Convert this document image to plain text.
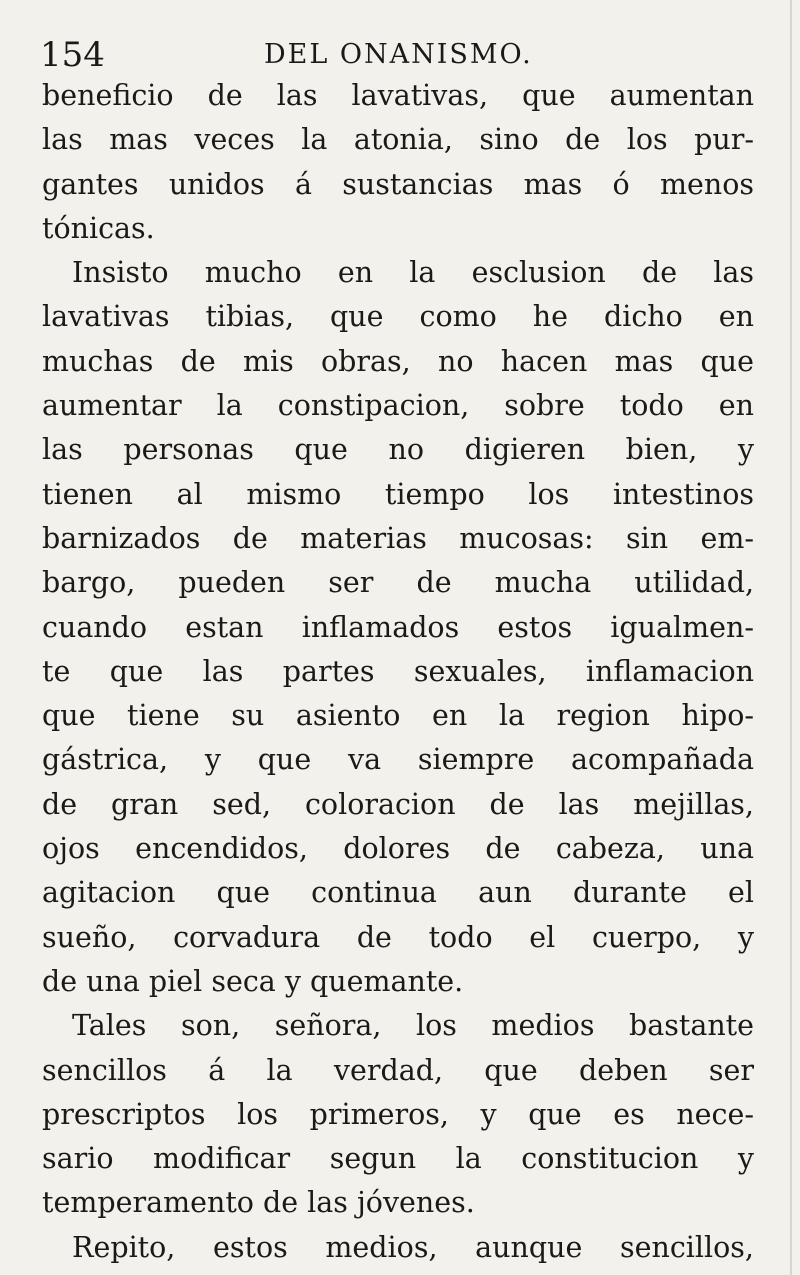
154	DEL ONANISMO.
beneficio de las lavativas, que aumentan
las mas veces la atonia, sino de los pur-
gantes unidos á sustancias mas ó menos
tónicas.
Insisto mucho en la esclusion de las
lavativas tibias, que como he dicho en
muchas de mis obras, no hacen mas que
aumentar la constipacion, sobre todo en
las personas que no digieren bien, y
tienen al mismo tiempo los intestinos
barnizados de materias mucosas: sin em-
bargo, pueden ser de mucha utilidad,
cuando estan inflamados estos igualmen-
te que las partes sexuales, inflamacion
que tiene su asiento en la region hipo-
gástrica, y que va siempre acompañada
de gran sed, coloracion de las mejillas,
ojos encendidos, dolores de cabeza, una
agitacion que continua aun durante el
sueño, corvadura de todo el cuerpo, y
de una piel seca y quemante.
Tales son, señora, los medios bastante
sencillos á la verdad, que deben ser
prescriptos los primeros, y que es nece-
sario modificar segun la constitucion y
temperamento de las jóvenes.
Repito, estos medios, aunque sencillos,
